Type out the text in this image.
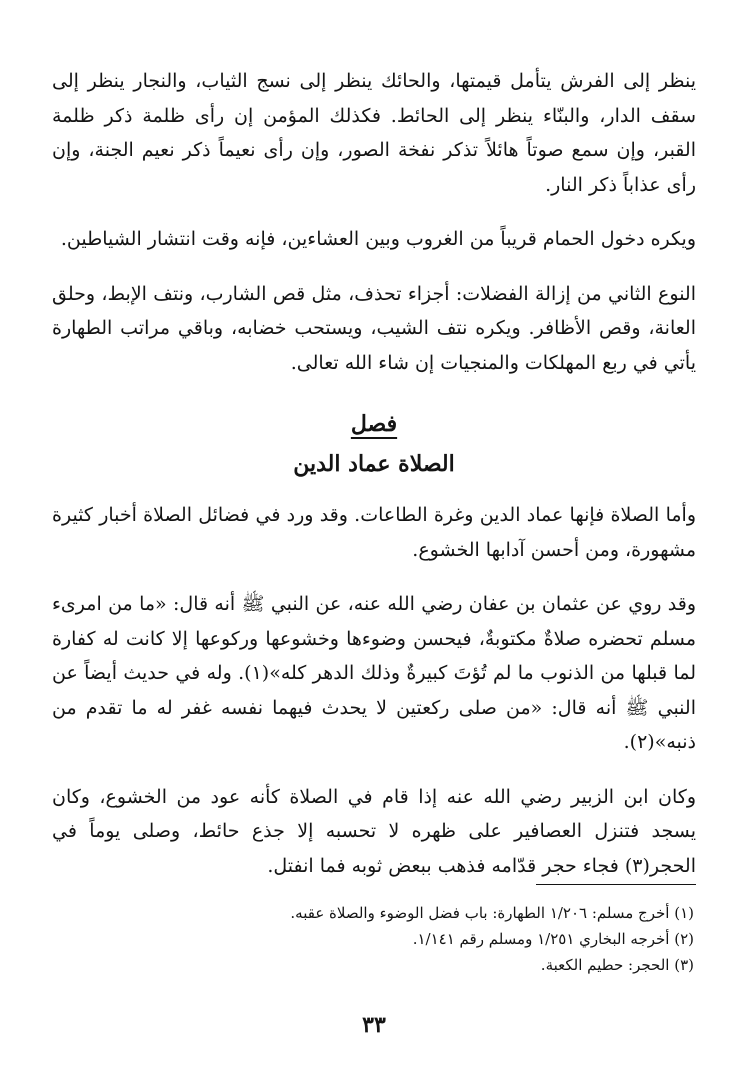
ينظر إلى الفرش يتأمل قيمتها، والحائك ينظر إلى نسج الثياب، والنجار ينظر إلى سقف الدار، والبنّاء ينظر إلى الحائط. فكذلك المؤمن إن رأى ظلمة ذكر ظلمة القبر، وإن سمع صوتاً هائلاً تذكر نفخة الصور، وإن رأى نعيماً ذكر نعيم الجنة، وإن رأى عذاباً ذكر النار.

ويكره دخول الحمام قريباً من الغروب وبين العشاءين، فإنه وقت انتشار الشياطين.

النوع الثاني من إزالة الفضلات: أجزاء تحذف، مثل قص الشارب، ونتف الإبط، وحلق العانة، وقص الأظافر. ويكره نتف الشيب، ويستحب خضابه، وباقي مراتب الطهارة يأتي في ربع المهلكات والمنجيات إن شاء الله تعالى.

فصل
الصلاة عماد الدين

وأما الصلاة فإنها عماد الدين وغرة الطاعات. وقد ورد في فضائل الصلاة أخبار كثيرة مشهورة، ومن أحسن آدابها الخشوع.

وقد روي عن عثمان بن عفان رضي الله عنه، عن النبي ﷺ أنه قال: «ما من امرىء مسلم تحضره صلاةٌ مكتوبةٌ، فيحسن وضوءها وخشوعها وركوعها إلا كانت له كفارة لما قبلها من الذنوب ما لم تُؤتَ كبيرةٌ وذلك الدهر كله»(١). وله في حديث أيضاً عن النبي ﷺ أنه قال: «من صلى ركعتين لا يحدث فيهما نفسه غفر له ما تقدم من ذنبه»(٢).

وكان ابن الزبير رضي الله عنه إذا قام في الصلاة كأنه عود من الخشوع، وكان يسجد فتنزل العصافير على ظهره لا تحسبه إلا جذع حائط، وصلى يوماً في الحجر(٣) فجاء حجر قدّامه فذهب ببعض ثوبه فما انفتل.

(١) أخرج مسلم: ١/٢٠٦ الطهارة: باب فضل الوضوء والصلاة عقبه.
(٢) أخرجه البخاري ١/٢٥١ ومسلم رقم ١/١٤١.
(٣) الحجر: حطيم الكعبة.
٣٣
